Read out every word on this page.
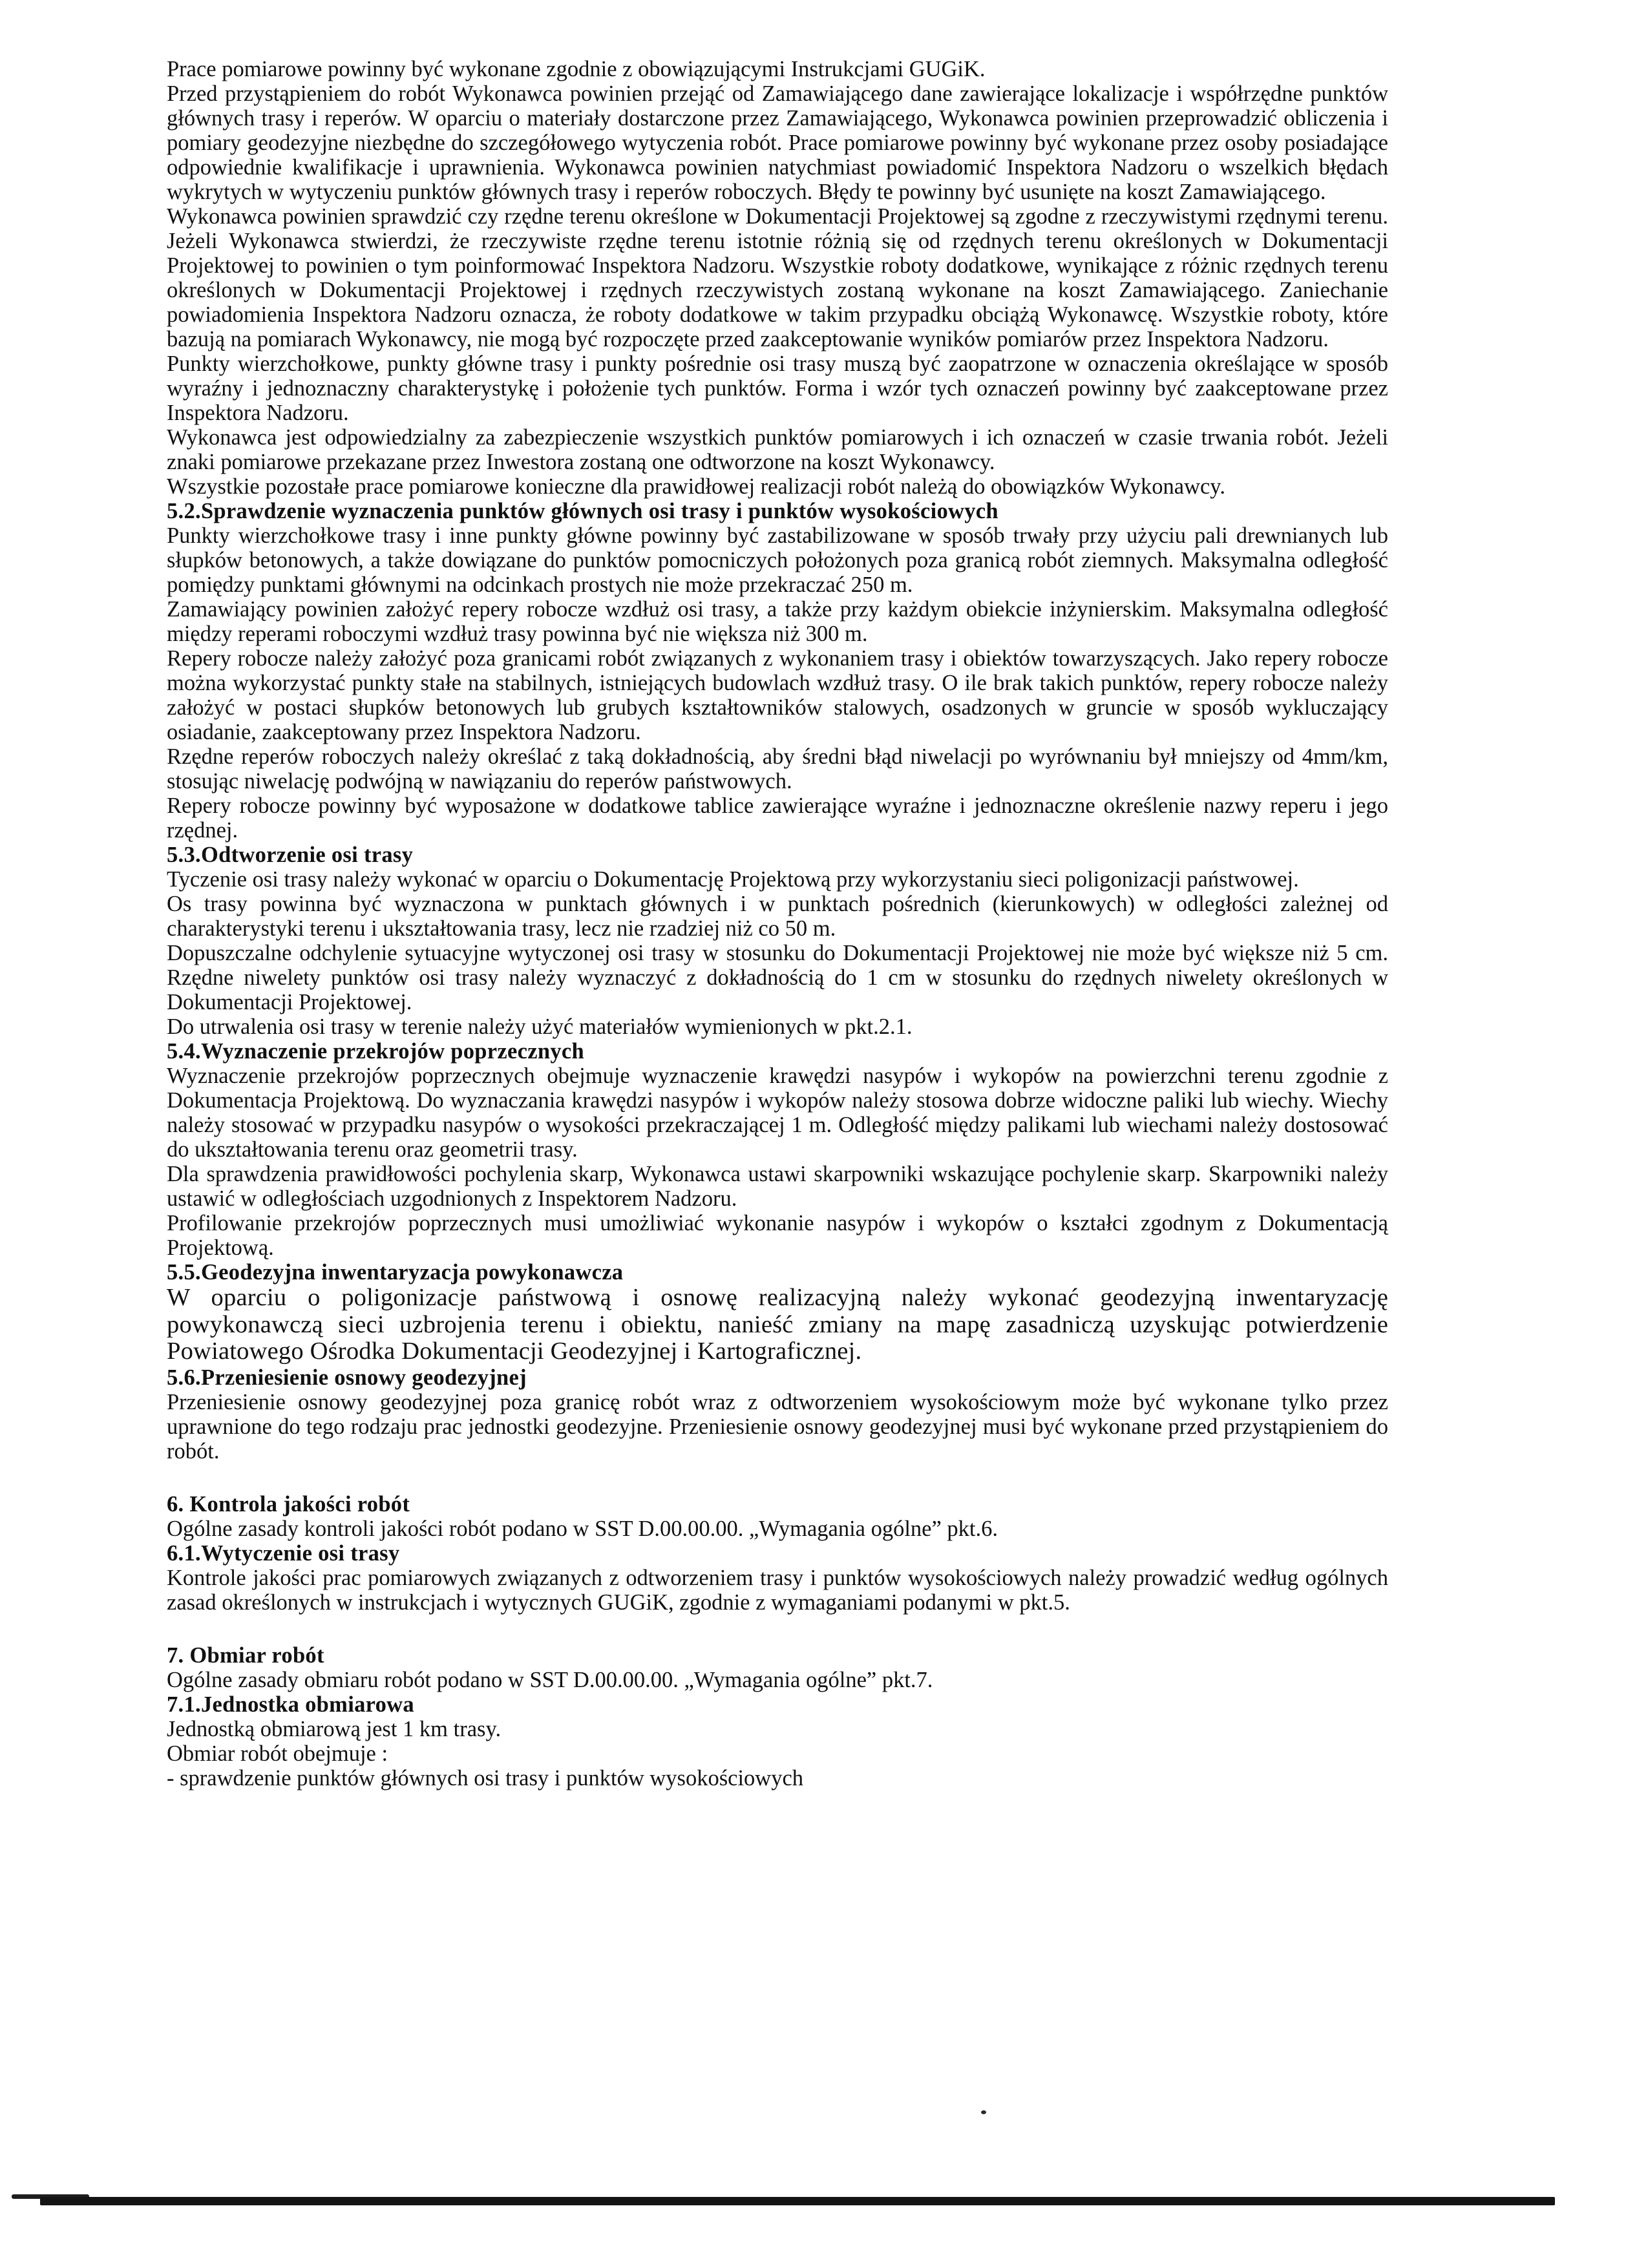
Prace pomiarowe powinny być wykonane zgodnie z obowiązującymi Instrukcjami GUGiK.

Przed przystąpieniem do robót Wykonawca powinien przejąć od Zamawiającego dane zawierające lokalizacje i współrzędne punktów głównych trasy i reperów. W oparciu o materiały dostarczone przez Zamawiającego, Wykonawca powinien przeprowadzić obliczenia i pomiary geodezyjne niezbędne do szczegółowego wytyczenia robót. Prace pomiarowe powinny być wykonane przez osoby posiadające odpowiednie kwalifikacje i uprawnienia. Wykonawca powinien natychmiast powiadomić Inspektora Nadzoru o wszelkich błędach wykrytych w wytyczeniu punktów głównych trasy i reperów roboczych. Błędy te powinny być usunięte na koszt Zamawiającego.

Wykonawca powinien sprawdzić czy rzędne terenu określone w Dokumentacji Projektowej są zgodne z rzeczywistymi rzędnymi terenu. Jeżeli Wykonawca stwierdzi, że rzeczywiste rzędne terenu istotnie różnią się od rzędnych terenu określonych w Dokumentacji Projektowej to powinien o tym poinformować Inspektora Nadzoru. Wszystkie roboty dodatkowe, wynikające z różnic rzędnych terenu określonych w Dokumentacji Projektowej i rzędnych rzeczywistych zostaną wykonane na koszt Zamawiającego. Zaniechanie powiadomienia Inspektora Nadzoru oznacza, że roboty dodatkowe w takim przypadku obciążą Wykonawcę. Wszystkie roboty, które bazują na pomiarach Wykonawcy, nie mogą być rozpoczęte przed zaakceptowanie wyników pomiarów przez Inspektora Nadzoru.

Punkty wierzchołkowe, punkty główne trasy i punkty pośrednie osi trasy muszą być zaopatrzone w oznaczenia określające w sposób wyraźny i jednoznaczny charakterystykę i położenie tych punktów. Forma i wzór tych oznaczeń powinny być zaakceptowane przez Inspektora Nadzoru.

Wykonawca jest odpowiedzialny za zabezpieczenie wszystkich punktów pomiarowych i ich oznaczeń w czasie trwania robót. Jeżeli znaki pomiarowe przekazane przez Inwestora zostaną one odtworzone na koszt Wykonawcy.

Wszystkie pozostałe prace pomiarowe konieczne dla prawidłowej realizacji robót należą do obowiązków Wykonawcy.

5.2.Sprawdzenie wyznaczenia punktów głównych osi trasy i punktów wysokościowych

Punkty wierzchołkowe trasy i inne punkty główne powinny być zastabilizowane w sposób trwały przy użyciu pali drewnianych lub słupków betonowych, a także dowiązane do punktów pomocniczych położonych poza granicą robót ziemnych. Maksymalna odległość pomiędzy punktami głównymi na odcinkach prostych nie może przekraczać 250 m.

Zamawiający powinien założyć repery robocze wzdłuż osi trasy, a także przy każdym obiekcie inżynierskim. Maksymalna odległość między reperami roboczymi wzdłuż trasy powinna być nie większa niż 300 m.

Repery robocze należy założyć poza granicami robót związanych z wykonaniem trasy i obiektów towarzyszących. Jako repery robocze można wykorzystać punkty stałe na stabilnych, istniejących budowlach wzdłuż trasy. O ile brak takich punktów, repery robocze należy założyć w postaci słupków betonowych lub grubych kształtowników stalowych, osadzonych w gruncie w sposób wykluczający osiadanie, zaakceptowany przez Inspektora Nadzoru.

Rzędne reperów roboczych należy określać z taką dokładnością, aby średni błąd niwelacji po wyrównaniu był mniejszy od 4mm/km, stosując niwelację podwójną w nawiązaniu do reperów państwowych.

Repery robocze powinny być wyposażone w dodatkowe tablice zawierające wyraźne i jednoznaczne określenie nazwy reperu i jego rzędnej.

5.3.Odtworzenie osi trasy

Tyczenie osi trasy należy wykonać w oparciu o Dokumentację Projektową przy wykorzystaniu sieci poligonizacji państwowej.

Os trasy powinna być wyznaczona w punktach głównych i w punktach pośrednich (kierunkowych) w odległości zależnej od charakterystyki terenu i ukształtowania trasy, lecz nie rzadziej niż co 50 m.

Dopuszczalne odchylenie sytuacyjne wytyczonej osi trasy w stosunku do Dokumentacji Projektowej nie może być większe niż 5 cm. Rzędne niwelety punktów osi trasy należy wyznaczyć z dokładnością do 1 cm w stosunku do rzędnych niwelety określonych w Dokumentacji Projektowej.

Do utrwalenia osi trasy w terenie należy użyć materiałów wymienionych w pkt.2.1.

5.4.Wyznaczenie przekrojów poprzecznych

Wyznaczenie przekrojów poprzecznych obejmuje wyznaczenie krawędzi nasypów i wykopów na powierzchni terenu zgodnie z Dokumentacja Projektową. Do wyznaczania krawędzi nasypów i wykopów należy stosowa dobrze widoczne paliki lub wiechy. Wiechy należy stosować w przypadku nasypów o wysokości przekraczającej 1 m. Odległość między palikami lub wiechami należy dostosować do ukształtowania terenu oraz geometrii trasy.

Dla sprawdzenia prawidłowości pochylenia skarp, Wykonawca ustawi skarpowniki wskazujące pochylenie skarp. Skarpowniki należy ustawić w odległościach uzgodnionych z Inspektorem Nadzoru.

Profilowanie przekrojów poprzecznych musi umożliwiać wykonanie nasypów i wykopów o kształci zgodnym z Dokumentacją Projektową.

5.5.Geodezyjna inwentaryzacja powykonawcza

W oparciu o poligonizacje państwową i osnowę realizacyjną należy wykonać geodezyjną inwentaryzację powykonawczą sieci uzbrojenia terenu i obiektu, nanieść zmiany na mapę zasadniczą uzyskując potwierdzenie Powiatowego Ośrodka Dokumentacji Geodezyjnej i Kartograficznej.

5.6.Przeniesienie osnowy geodezyjnej

Przeniesienie osnowy geodezyjnej poza granicę robót wraz z odtworzeniem wysokościowym może być wykonane tylko przez uprawnione do tego rodzaju prac jednostki geodezyjne. Przeniesienie osnowy geodezyjnej musi być wykonane przed przystąpieniem do robót.

6. Kontrola jakości robót

Ogólne zasady kontroli jakości robót podano w SST D.00.00.00. „Wymagania ogólne” pkt.6.

6.1.Wytyczenie osi trasy

Kontrole jakości prac pomiarowych związanych z odtworzeniem trasy i punktów wysokościowych należy prowadzić według ogólnych zasad określonych w instrukcjach i wytycznych GUGiK, zgodnie z wymaganiami podanymi w pkt.5.

7. Obmiar robót

Ogólne zasady obmiaru robót podano w SST D.00.00.00. „Wymagania ogólne” pkt.7.

7.1.Jednostka obmiarowa

Jednostką obmiarową jest 1 km trasy.

Obmiar robót obejmuje :

- sprawdzenie punktów głównych osi trasy i punktów wysokościowych
